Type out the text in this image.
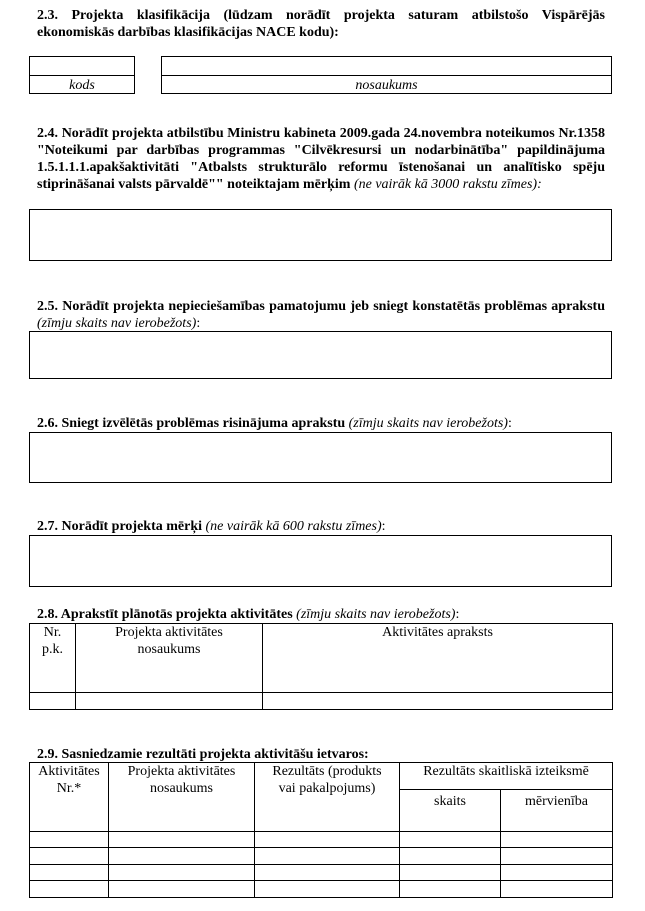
2.3. Projekta klasifikācija (lūdzam norādīt projekta saturam atbilstošo Vispārējās ekonomiskās darbības klasifikācijas NACE kodu):
kods	nosaukums
2.4. Norādīt projekta atbilstību Ministru kabineta 2009.gada 24.novembra noteikumos Nr.1358 "Noteikumi par darbības programmas "Cilvēkresursi un nodarbinātība" papildinājuma 1.5.1.1.1.apakšaktivitāti "Atbalsts strukturālo reformu īstenošanai un analītisko spēju stiprināšanai valsts pārvaldē"" noteiktajam mērķim (ne vairāk kā 3000 rakstu zīmes):
2.5. Norādīt projekta nepieciešamības pamatojumu jeb sniegt konstatētās problēmas aprakstu (zīmju skaits nav ierobežots):
2.6. Sniegt izvēlētās problēmas risinājuma aprakstu (zīmju skaits nav ierobežots):
2.7. Norādīt projekta mērķi (ne vairāk kā 600 rakstu zīmes):
2.8. Aprakstīt plānotās projekta aktivitātes (zīmju skaits nav ierobežots):
Nr. p.k.	Projekta aktivitātes nosaukums	Aktivitātes apraksts

2.9. Sasniedzamie rezultāti projekta aktivitāšu ietvaros:
Aktivitātes Nr.*	Projekta aktivitātes nosaukums	Rezultāts (produkts vai pakalpojums)	Rezultāts skaitliskā izteiksmē	
			skaits	mērvienība
